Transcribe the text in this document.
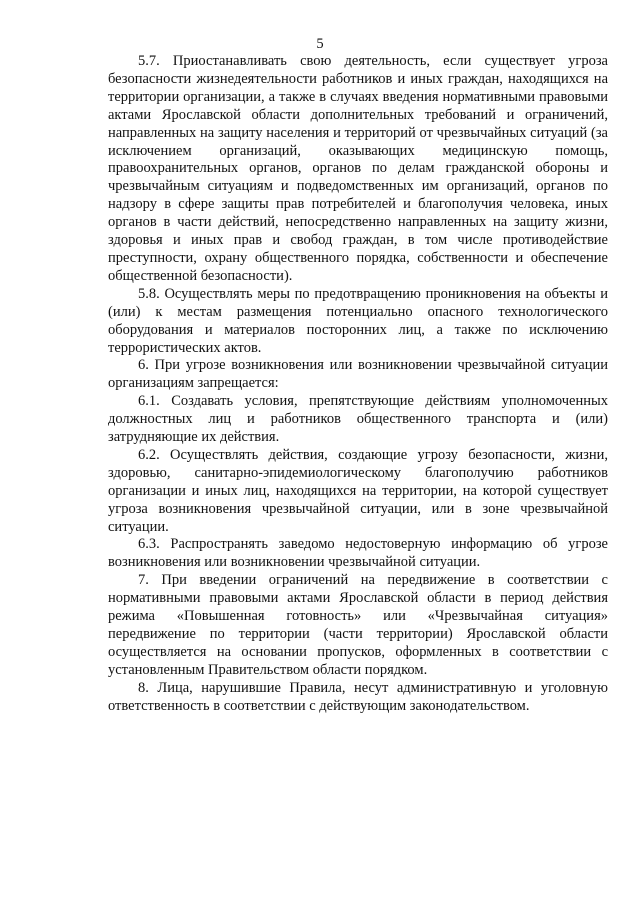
5

5.7. Приостанавливать свою деятельность, если существует угроза безопасности жизнедеятельности работников и иных граждан, находящихся на территории организации, а также в случаях введения нормативными правовыми актами Ярославской области дополнительных требований и ограничений, направленных на защиту населения и территорий от чрезвычайных ситуаций (за исключением организаций, оказывающих медицинскую помощь, правоохранительных органов, органов по делам гражданской обороны и чрезвычайным ситуациям и подведомственных им организаций, органов по надзору в сфере защиты прав потребителей и благополучия человека, иных органов в части действий, непосредственно направленных на защиту жизни, здоровья и иных прав и свобод граждан, в том числе противодействие преступности, охрану общественного порядка, собственности и обеспечение общественной безопасности).

5.8. Осуществлять меры по предотвращению проникновения на объекты и (или) к местам размещения потенциально опасного технологического оборудования и материалов посторонних лиц, а также по исключению террористических актов.

6. При угрозе возникновения или возникновении чрезвычайной ситуации организациям запрещается:

6.1. Создавать условия, препятствующие действиям уполномоченных должностных лиц и работников общественного транспорта и (или) затрудняющие их действия.

6.2. Осуществлять действия, создающие угрозу безопасности, жизни, здоровью, санитарно-эпидемиологическому благополучию работников организации и иных лиц, находящихся на территории, на которой существует угроза возникновения чрезвычайной ситуации, или в зоне чрезвычайной ситуации.

6.3. Распространять заведомо недостоверную информацию об угрозе возникновения или возникновении чрезвычайной ситуации.

7. При введении ограничений на передвижение в соответствии с нормативными правовыми актами Ярославской области в период действия режима «Повышенная готовность» или «Чрезвычайная ситуация» передвижение по территории (части территории) Ярославской области осуществляется на основании пропусков, оформленных в соответствии с установленным Правительством области порядком.

8. Лица, нарушившие Правила, несут административную и уголовную ответственность в соответствии с действующим законодательством.
